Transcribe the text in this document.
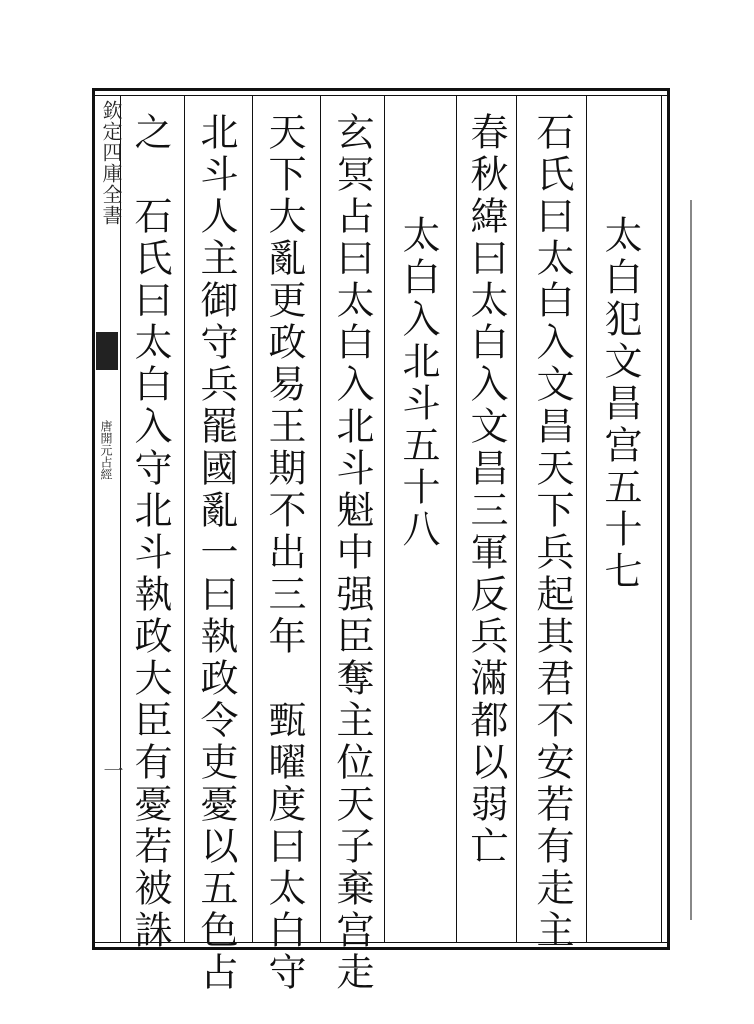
太白犯文昌宫五十七
石氏曰太白入文昌天下兵起其君不安若有走主
春秋緯曰太白入文昌三軍反兵滿都以弱亡
太白入北斗五十八
玄冥占曰太白入北斗魁中强臣奪主位天子棄宫走
天下大亂更政易王期不出三年　甄曜度曰太白守
北斗人主御守兵罷國亂一曰執政令吏憂以五色占
之　石氏曰太白入守北斗執政大臣有憂若被誅
欽定四庫全書
唐開元占經
一
